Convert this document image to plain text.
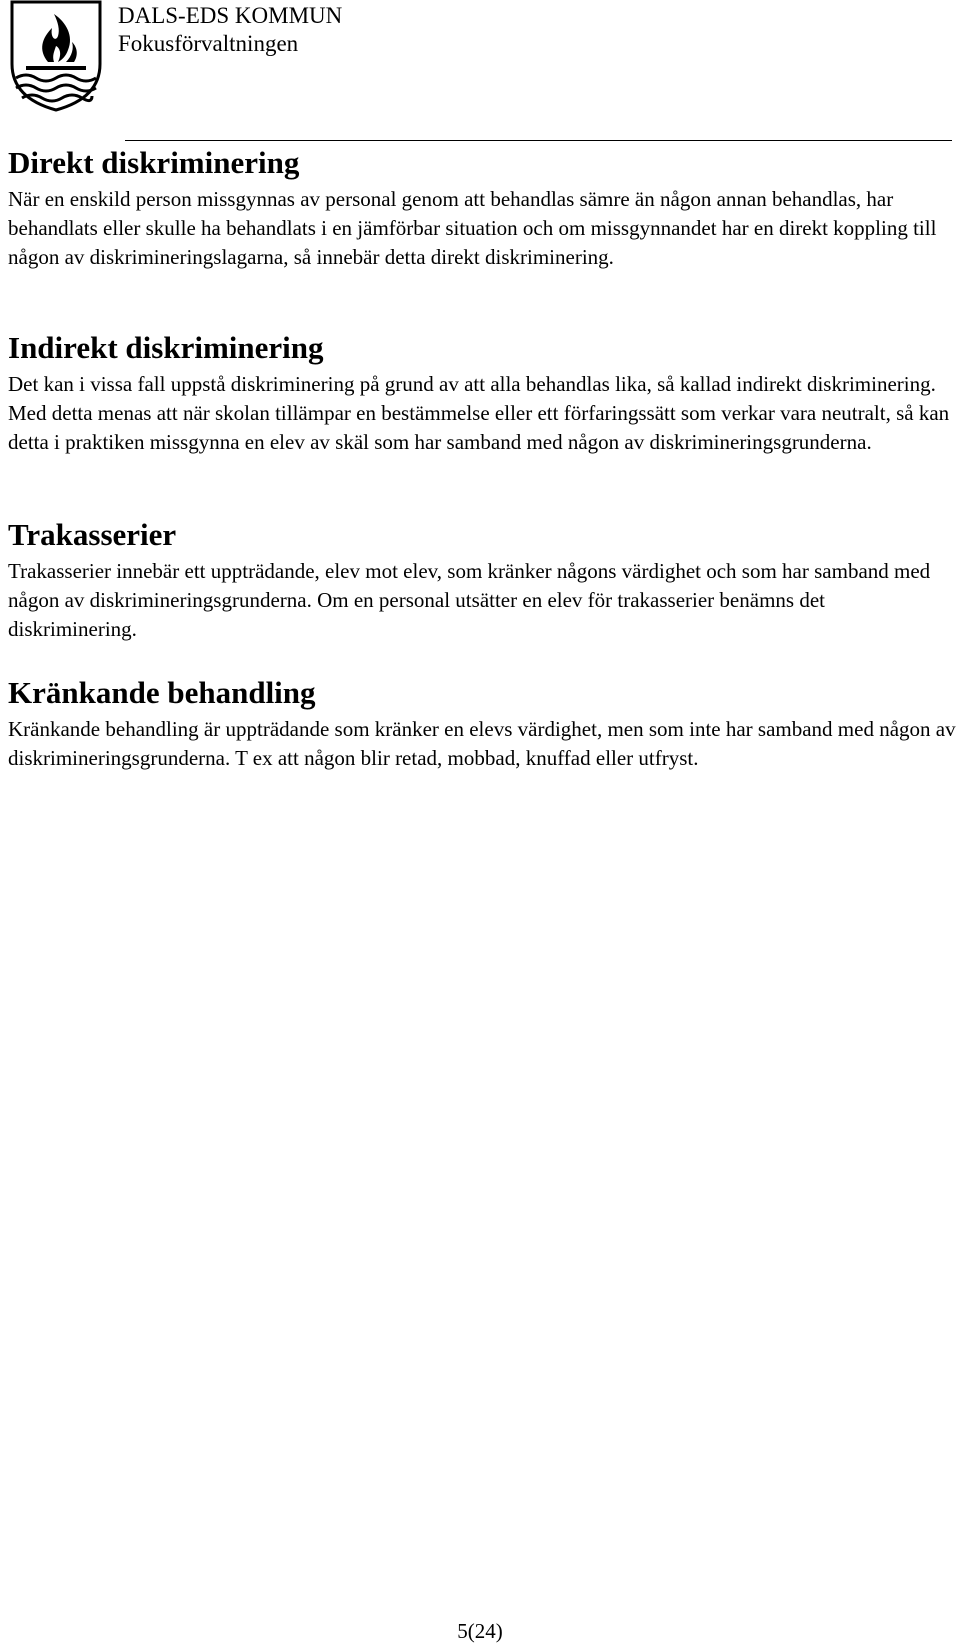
DALS-EDS KOMMUN
Fokusförvaltningen
Direkt diskriminering

När en enskild person missgynnas av personal genom att behandlas sämre än någon annan behandlas, har behandlats eller skulle ha behandlats i en jämförbar situation och om missgynnandet har en direkt koppling till någon av diskrimineringslagarna, så innebär detta direkt diskriminering.

Indirekt diskriminering

Det kan i vissa fall uppstå diskriminering på grund av att alla behandlas lika, så kallad indirekt diskriminering. Med detta menas att när skolan tillämpar en bestämmelse eller ett förfaringssätt som verkar vara neutralt, så kan detta i praktiken missgynna en elev av skäl som har samband med någon av diskrimineringsgrunderna.

Trakasserier

Trakasserier innebär ett uppträdande, elev mot elev, som kränker någons värdighet och som har samband med någon av diskrimineringsgrunderna. Om en personal utsätter en elev för trakasserier benämns det diskriminering.

Kränkande behandling

Kränkande behandling är uppträdande som kränker en elevs värdighet, men som inte har samband med någon av diskrimineringsgrunderna. T ex att någon blir retad, mobbad, knuffad eller utfryst.

5(24)
